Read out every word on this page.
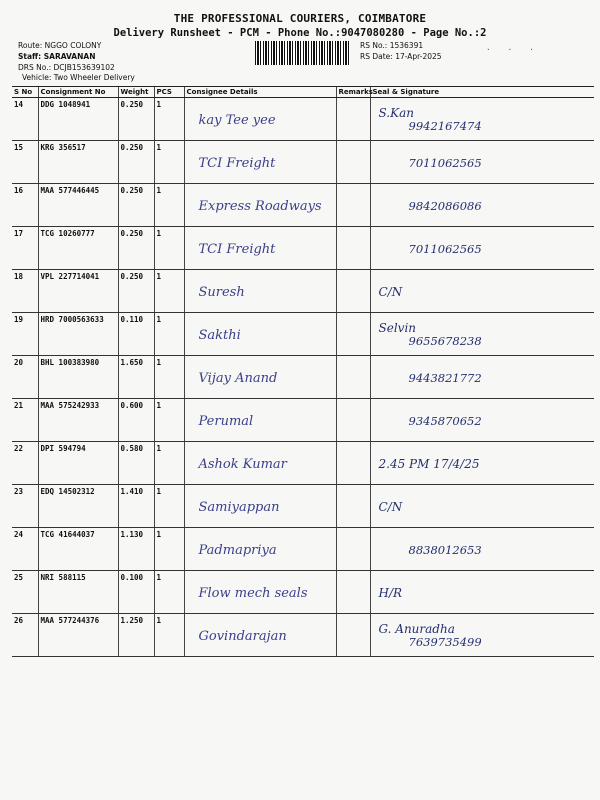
THE PROFESSIONAL COURIERS, COIMBATORE
Delivery Runsheet - PCM - Phone No.:9047080280 - Page No.:2
Route: NGGO COLONY
Staff: SARAVANAN
DRS No.: DCJB153639102
Vehicle: Two Wheeler Delivery
RS No.: 1536391
RS Date: 17-Apr-2025
· · ·
S No	Consignment No	Weight	PCS	Consignee Details	Remarks	Seal & Signature
14	DDG 1048941	0.250	1	kay Tee yee		S.Kan
9942167474

15	KRG 356517	0.250	1	TCI Freight		7011062565

16	MAA 577446445	0.250	1	Express Roadways		9842086086

17	TCG 10260777	0.250	1	TCI Freight		7011062565

18	VPL 227714041	0.250	1	Suresh		C/N

19	HRD 7000563633	0.110	1	Sakthi		Selvin
9655678238

20	BHL 100383980	1.650	1	Vijay Anand		9443821772

21	MAA 575242933	0.600	1	Perumal		9345870652

22	DPI 594794	0.580	1	Ashok Kumar		2.45 PM 17/4/25

23	EDQ 14502312	1.410	1	Samiyappan		C/N

24	TCG 41644037	1.130	1	Padmapriya		8838012653

25	NRI 588115	0.100	1	Flow mech seals		H/R

26	MAA 577244376	1.250	1	Govindarajan		G. Anuradha
7639735499
